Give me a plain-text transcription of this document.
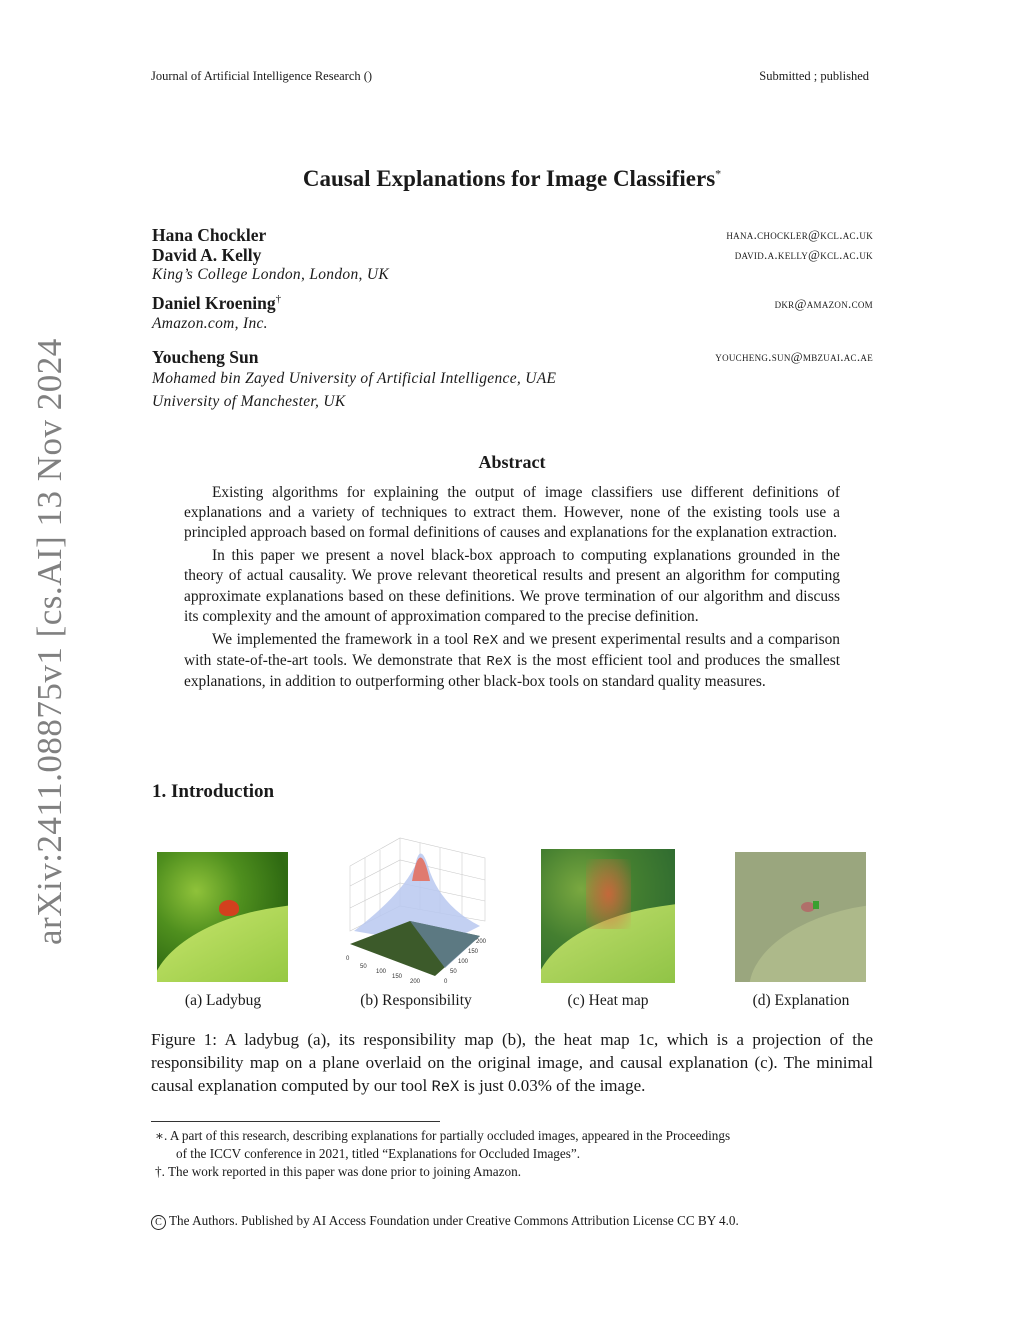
arXiv:2411.08875v1 [cs.AI] 13 Nov 2024
Journal of Artificial Intelligence Research ()	Submitted ; published
Causal Explanations for Image Classifiers*
Hana Chockler	hana.chockler@kcl.ac.uk
David A. Kelly	david.a.kelly@kcl.ac.uk
King’s College London, London, UK
Daniel Kroening†	dkr@amazon.com
Amazon.com, Inc.
Youcheng Sun	youcheng.sun@mbzuai.ac.ae
Mohamed bin Zayed University of Artificial Intelligence, UAE
University of Manchester, UK
Abstract

Existing algorithms for explaining the output of image classifiers use different definitions of explanations and a variety of techniques to extract them. However, none of the existing tools use a principled approach based on formal definitions of causes and explanations for the explanation extraction.

In this paper we present a novel black-box approach to computing explanations grounded in the theory of actual causality. We prove relevant theoretical results and present an algorithm for computing approximate explanations based on these definitions. We prove termination of our algorithm and discuss its complexity and the amount of approximation compared to the precise definition.

We implemented the framework in a tool ReX and we present experimental results and a comparison with state-of-the-art tools. We demonstrate that ReX is the most efficient tool and produces the smallest explanations, in addition to outperforming other black-box tools on standard quality measures.

1. Introduction
0
50
100
150
200	0
50
100
150
200
(a) Ladybug	(b) Responsibility	(c) Heat map	(d) Explanation
Figure 1: A ladybug (a), its responsibility map (b), the heat map 1c, which is a projection of the responsibility map on a plane overlaid on the original image, and causal explanation (c). The minimal causal explanation computed by our tool ReX is just 0.03% of the image.
∗. A part of this research, describing explanations for partially occluded images, appeared in the Proceedings
of the ICCV conference in 2021, titled “Explanations for Occluded Images”.
†. The work reported in this paper was done prior to joining Amazon.
C The Authors. Published by AI Access Foundation under Creative Commons Attribution License CC BY 4.0.
